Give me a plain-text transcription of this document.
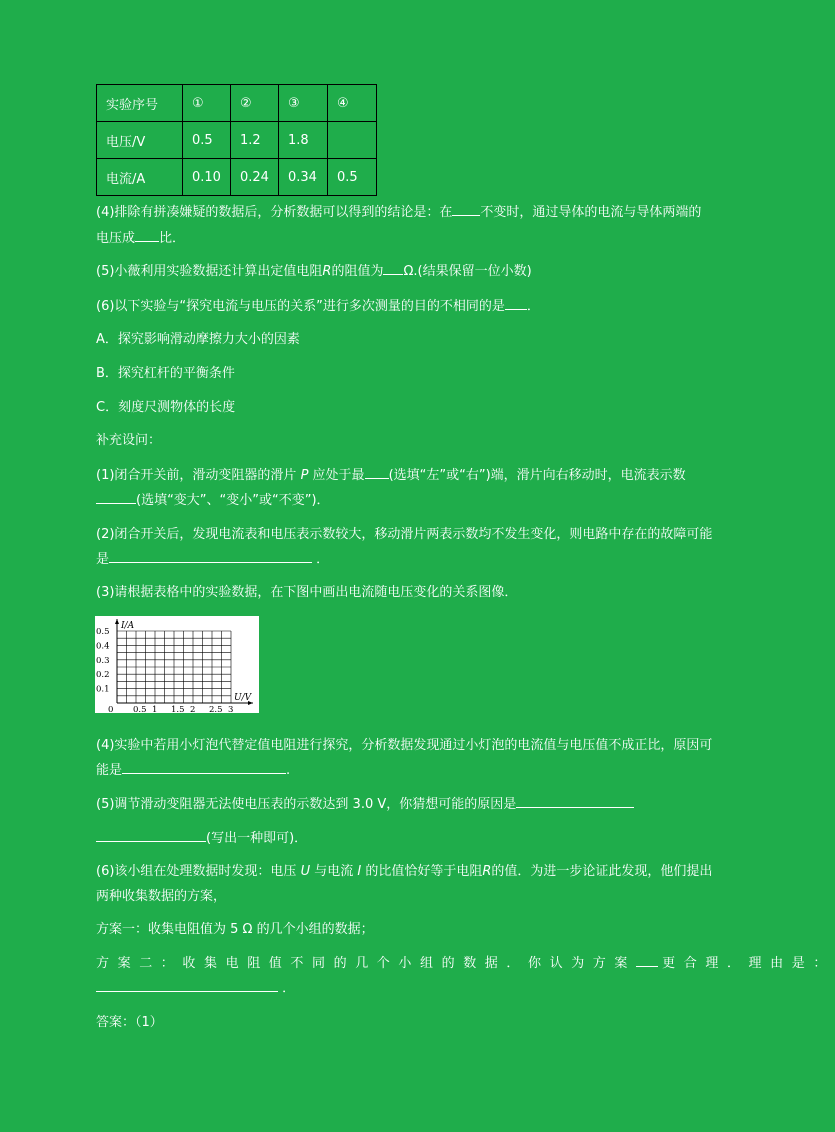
实验序号	①	②	③	④
电压/V	0.5	1.2	1.8	
电流/A	0.10	0.24	0.34	0.5
(4)排除有拼凑嫌疑的数据后，分析数据可以得到的结论是：在 不变时，通过导体的电流与导体两端的
电压成 比．
(5)小薇利用实验数据还计算出定值电阻R的阻值为 Ω.(结果保留一位小数)
(6)以下实验与“探究电流与电压的关系”进行多次测量的目的不相同的是 ．
A．探究影响滑动摩擦力大小的因素
B．探究杠杆的平衡条件
C．刻度尺测物体的长度
补充设问：
(1)闭合开关前，滑动变阻器的滑片 P 应处于最 (选填“左”或“右”)端，滑片向右移动时，电流表示数
(选填“变大”、“变小”或“不变”)．
(2)闭合开关后，发现电流表和电压表示数较大，移动滑片两表示数均不发生变化，则电路中存在的故障可能
是	．
(3)请根据表格中的实验数据，在下图中画出电流随电压变化的关系图像．
I/A
U/V
0.1
0.2
0.3
0.4
0.5
0 0.5 1 1.5 2 2.5 3
(4)实验中若用小灯泡代替定值电阻进行探究，分析数据发现通过小灯泡的电流值与电压值不成正比，原因可
能是	.
(5)调节滑动变阻器无法使电压表的示数达到 3.0 V，你猜想可能的原因是
(写出一种即可)．
(6)该小组在处理数据时发现：电压 U 与电流 I 的比值恰好等于电阻R的值．为进一步论证此发现，他们提出
两种收集数据的方案，
方案一：收集电阻值为 5 Ω 的几个小组的数据；
方案二：收集电阻值不同的几个小组的数据．你认为方案 更合理．理由是：
．
答案：（1）
